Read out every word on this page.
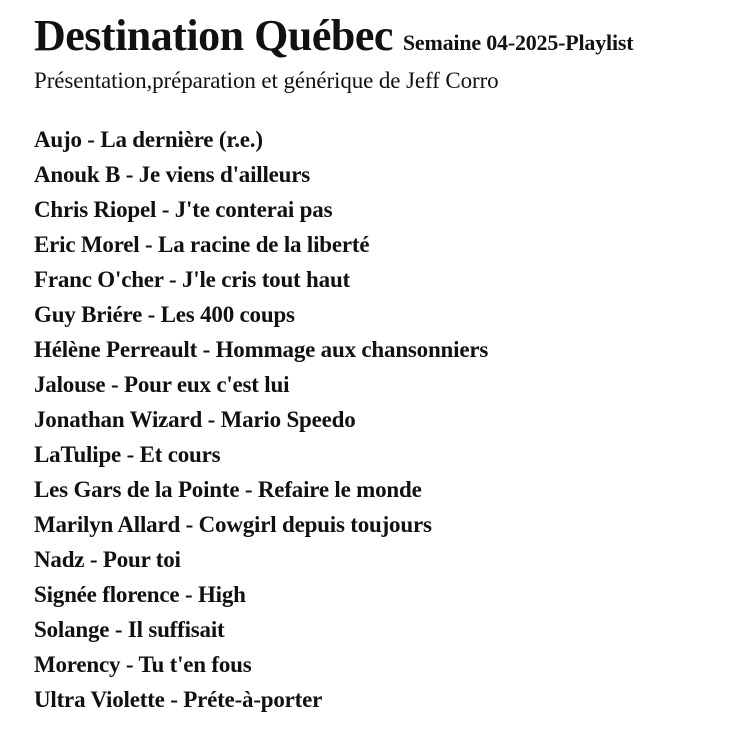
Destination Québec Semaine 04-2025-Playlist
Présentation,préparation et générique de Jeff Corro
Aujo - La dernière (r.e.)
Anouk B - Je viens d'ailleurs
Chris Riopel - J'te conterai pas
Eric Morel - La racine de la liberté
Franc O'cher - J'le cris tout haut
Guy Briére - Les 400 coups
Hélène Perreault - Hommage aux chansonniers
Jalouse - Pour eux c'est lui
Jonathan Wizard - Mario Speedo
LaTulipe - Et cours
Les Gars de la Pointe - Refaire le monde
Marilyn Allard - Cowgirl depuis toujours
Nadz - Pour toi
Signée florence - High
Solange - Il suffisait
Morency - Tu t'en fous
Ultra Violette - Préte-à-porter
